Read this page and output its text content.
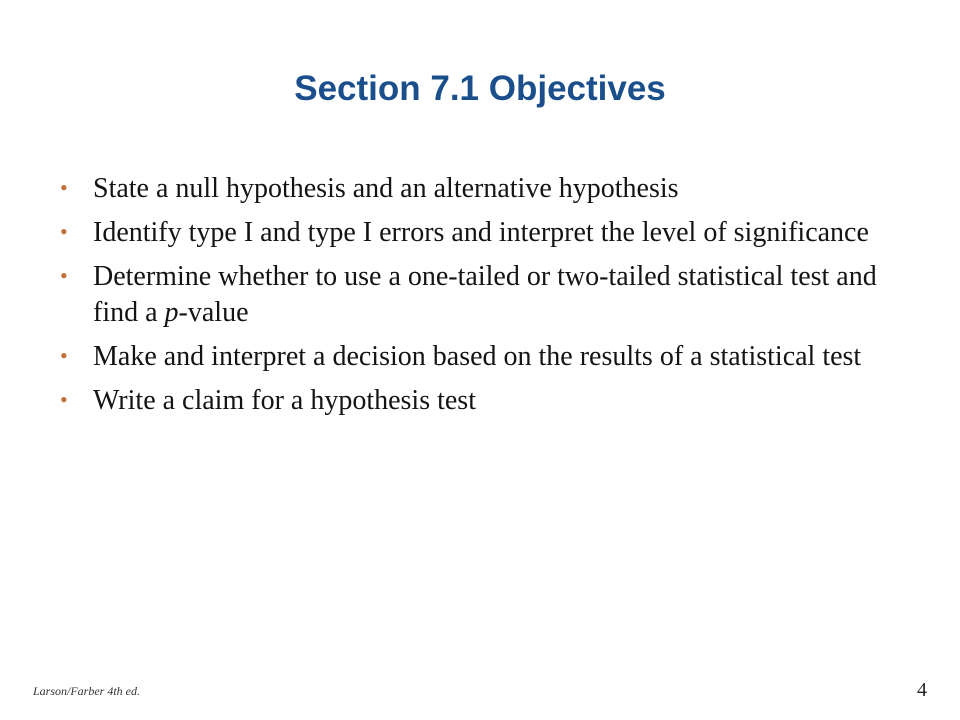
Section 7.1 Objectives
• State a null hypothesis and an alternative hypothesis
• Identify type I and type I errors and interpret the level of significance
• Determine whether to use a one-tailed or two-tailed statistical test and find a p-value
• Make and interpret a decision based on the results of a statistical test
• Write a claim for a hypothesis test
Larson/Farber 4th ed.	4
